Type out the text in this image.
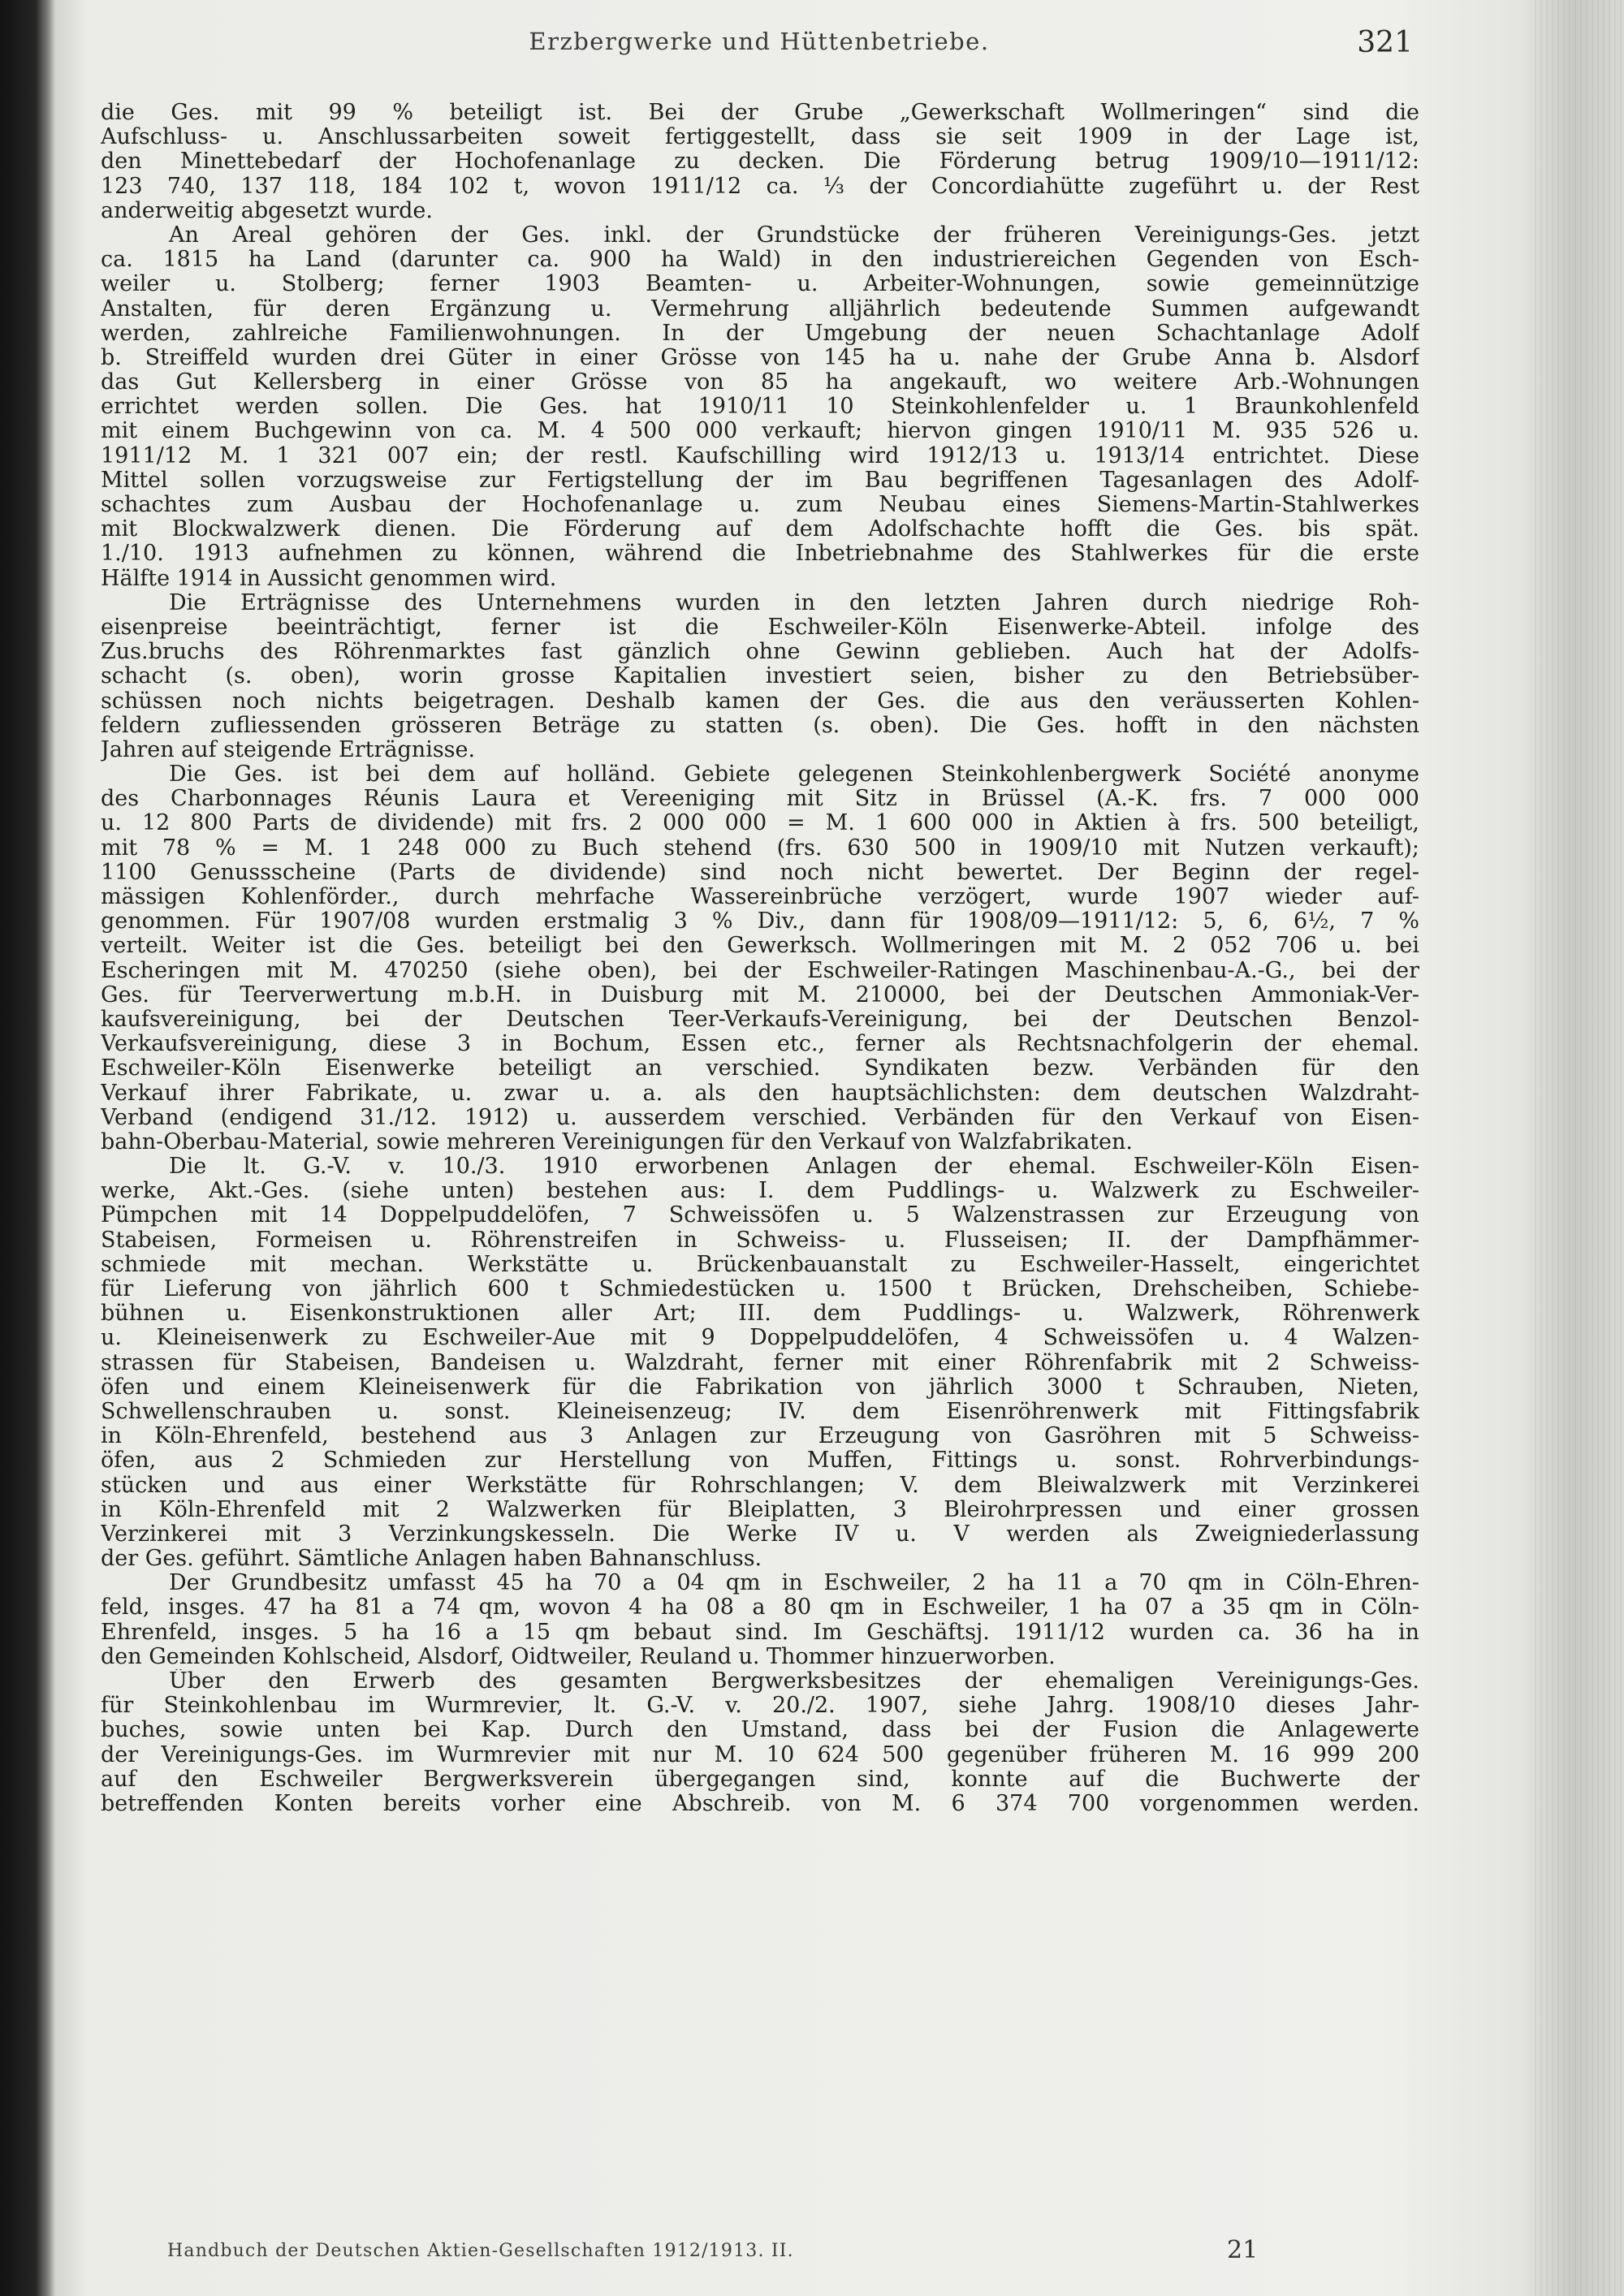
Erzbergwerke und Hüttenbetriebe.	321
die Ges. mit 99 % beteiligt ist. Bei der Grube „Gewerkschaft Wollmeringen“ sind die
Aufschluss- u. Anschlussarbeiten soweit fertiggestellt, dass sie seit 1909 in der Lage ist,
den Minettebedarf der Hochofenanlage zu decken. Die Förderung betrug 1909/10—1911/12:
123 740, 137 118, 184 102 t, wovon 1911/12 ca. ⅓ der Concordiahütte zugeführt u. der Rest
anderweitig abgesetzt wurde.
An Areal gehören der Ges. inkl. der Grundstücke der früheren Vereinigungs-Ges. jetzt
ca. 1815 ha Land (darunter ca. 900 ha Wald) in den industriereichen Gegenden von Esch-
weiler u. Stolberg; ferner 1903 Beamten- u. Arbeiter-Wohnungen, sowie gemeinnützige
Anstalten, für deren Ergänzung u. Vermehrung alljährlich bedeutende Summen aufgewandt
werden, zahlreiche Familienwohnungen. In der Umgebung der neuen Schachtanlage Adolf
b. Streiffeld wurden drei Güter in einer Grösse von 145 ha u. nahe der Grube Anna b. Alsdorf
das Gut Kellersberg in einer Grösse von 85 ha angekauft, wo weitere Arb.-Wohnungen
errichtet werden sollen. Die Ges. hat 1910/11 10 Steinkohlenfelder u. 1 Braunkohlenfeld
mit einem Buchgewinn von ca. M. 4 500 000 verkauft; hiervon gingen 1910/11 M. 935 526 u.
1911/12 M. 1 321 007 ein; der restl. Kaufschilling wird 1912/13 u. 1913/14 entrichtet. Diese
Mittel sollen vorzugsweise zur Fertigstellung der im Bau begriffenen Tagesanlagen des Adolf-
schachtes zum Ausbau der Hochofenanlage u. zum Neubau eines Siemens-Martin-Stahlwerkes
mit Blockwalzwerk dienen. Die Förderung auf dem Adolfschachte hofft die Ges. bis spät.
1./10. 1913 aufnehmen zu können, während die Inbetriebnahme des Stahlwerkes für die erste
Hälfte 1914 in Aussicht genommen wird.
Die Erträgnisse des Unternehmens wurden in den letzten Jahren durch niedrige Roh-
eisenpreise beeinträchtigt, ferner ist die Eschweiler-Köln Eisenwerke-Abteil. infolge des
Zus.bruchs des Röhrenmarktes fast gänzlich ohne Gewinn geblieben. Auch hat der Adolfs-
schacht (s. oben), worin grosse Kapitalien investiert seien, bisher zu den Betriebsüber-
schüssen noch nichts beigetragen. Deshalb kamen der Ges. die aus den veräusserten Kohlen-
feldern zufliessenden grösseren Beträge zu statten (s. oben). Die Ges. hofft in den nächsten
Jahren auf steigende Erträgnisse.
Die Ges. ist bei dem auf holländ. Gebiete gelegenen Steinkohlenbergwerk Société anonyme
des Charbonnages Réunis Laura et Vereeniging mit Sitz in Brüssel (A.-K. frs. 7 000 000
u. 12 800 Parts de dividende) mit frs. 2 000 000 = M. 1 600 000 in Aktien à frs. 500 beteiligt,
mit 78 % = M. 1 248 000 zu Buch stehend (frs. 630 500 in 1909/10 mit Nutzen verkauft);
1100 Genussscheine (Parts de dividende) sind noch nicht bewertet. Der Beginn der regel-
mässigen Kohlenförder., durch mehrfache Wassereinbrüche verzögert, wurde 1907 wieder auf-
genommen. Für 1907/08 wurden erstmalig 3 % Div., dann für 1908/09—1911/12: 5, 6, 6½, 7 %
verteilt. Weiter ist die Ges. beteiligt bei den Gewerksch. Wollmeringen mit M. 2 052 706 u. bei
Escheringen mit M. 470250 (siehe oben), bei der Eschweiler-Ratingen Maschinenbau-A.-G., bei der
Ges. für Teerverwertung m.b.H. in Duisburg mit M. 210000, bei der Deutschen Ammoniak-Ver-
kaufsvereinigung, bei der Deutschen Teer-Verkaufs-Vereinigung, bei der Deutschen Benzol-
Verkaufsvereinigung, diese 3 in Bochum, Essen etc., ferner als Rechtsnachfolgerin der ehemal.
Eschweiler-Köln Eisenwerke beteiligt an verschied. Syndikaten bezw. Verbänden für den
Verkauf ihrer Fabrikate, u. zwar u. a. als den hauptsächlichsten: dem deutschen Walzdraht-
Verband (endigend 31./12. 1912) u. ausserdem verschied. Verbänden für den Verkauf von Eisen-
bahn-Oberbau-Material, sowie mehreren Vereinigungen für den Verkauf von Walzfabrikaten.
Die lt. G.-V. v. 10./3. 1910 erworbenen Anlagen der ehemal. Eschweiler-Köln Eisen-
werke, Akt.-Ges. (siehe unten) bestehen aus: I. dem Puddlings- u. Walzwerk zu Eschweiler-
Pümpchen mit 14 Doppelpuddelöfen, 7 Schweissöfen u. 5 Walzenstrassen zur Erzeugung von
Stabeisen, Formeisen u. Röhrenstreifen in Schweiss- u. Flusseisen; II. der Dampfhämmer-
schmiede mit mechan. Werkstätte u. Brückenbauanstalt zu Eschweiler-Hasselt, eingerichtet
für Lieferung von jährlich 600 t Schmiedestücken u. 1500 t Brücken, Drehscheiben, Schiebe-
bühnen u. Eisenkonstruktionen aller Art; III. dem Puddlings- u. Walzwerk, Röhrenwerk
u. Kleineisenwerk zu Eschweiler-Aue mit 9 Doppelpuddelöfen, 4 Schweissöfen u. 4 Walzen-
strassen für Stabeisen, Bandeisen u. Walzdraht, ferner mit einer Röhrenfabrik mit 2 Schweiss-
öfen und einem Kleineisenwerk für die Fabrikation von jährlich 3000 t Schrauben, Nieten,
Schwellenschrauben u. sonst. Kleineisenzeug; IV. dem Eisenröhrenwerk mit Fittingsfabrik
in Köln-Ehrenfeld, bestehend aus 3 Anlagen zur Erzeugung von Gasröhren mit 5 Schweiss-
öfen, aus 2 Schmieden zur Herstellung von Muffen, Fittings u. sonst. Rohrverbindungs-
stücken und aus einer Werkstätte für Rohrschlangen; V. dem Bleiwalzwerk mit Verzinkerei
in Köln-Ehrenfeld mit 2 Walzwerken für Bleiplatten, 3 Bleirohrpressen und einer grossen
Verzinkerei mit 3 Verzinkungskesseln. Die Werke IV u. V werden als Zweigniederlassung
der Ges. geführt. Sämtliche Anlagen haben Bahnanschluss.
Der Grundbesitz umfasst 45 ha 70 a 04 qm in Eschweiler, 2 ha 11 a 70 qm in Cöln-Ehren-
feld, insges. 47 ha 81 a 74 qm, wovon 4 ha 08 a 80 qm in Eschweiler, 1 ha 07 a 35 qm in Cöln-
Ehrenfeld, insges. 5 ha 16 a 15 qm bebaut sind. Im Geschäftsj. 1911/12 wurden ca. 36 ha in
den Gemeinden Kohlscheid, Alsdorf, Oidtweiler, Reuland u. Thommer hinzuerworben.
Über den Erwerb des gesamten Bergwerksbesitzes der ehemaligen Vereinigungs-Ges.
für Steinkohlenbau im Wurmrevier, lt. G.-V. v. 20./2. 1907, siehe Jahrg. 1908/10 dieses Jahr-
buches, sowie unten bei Kap. Durch den Umstand, dass bei der Fusion die Anlagewerte
der Vereinigungs-Ges. im Wurmrevier mit nur M. 10 624 500 gegenüber früheren M. 16 999 200
auf den Eschweiler Bergwerksverein übergegangen sind, konnte auf die Buchwerte der
betreffenden Konten bereits vorher eine Abschreib. von M. 6 374 700 vorgenommen werden.
Handbuch der Deutschen Aktien-Gesellschaften 1912/1913. II.	21
